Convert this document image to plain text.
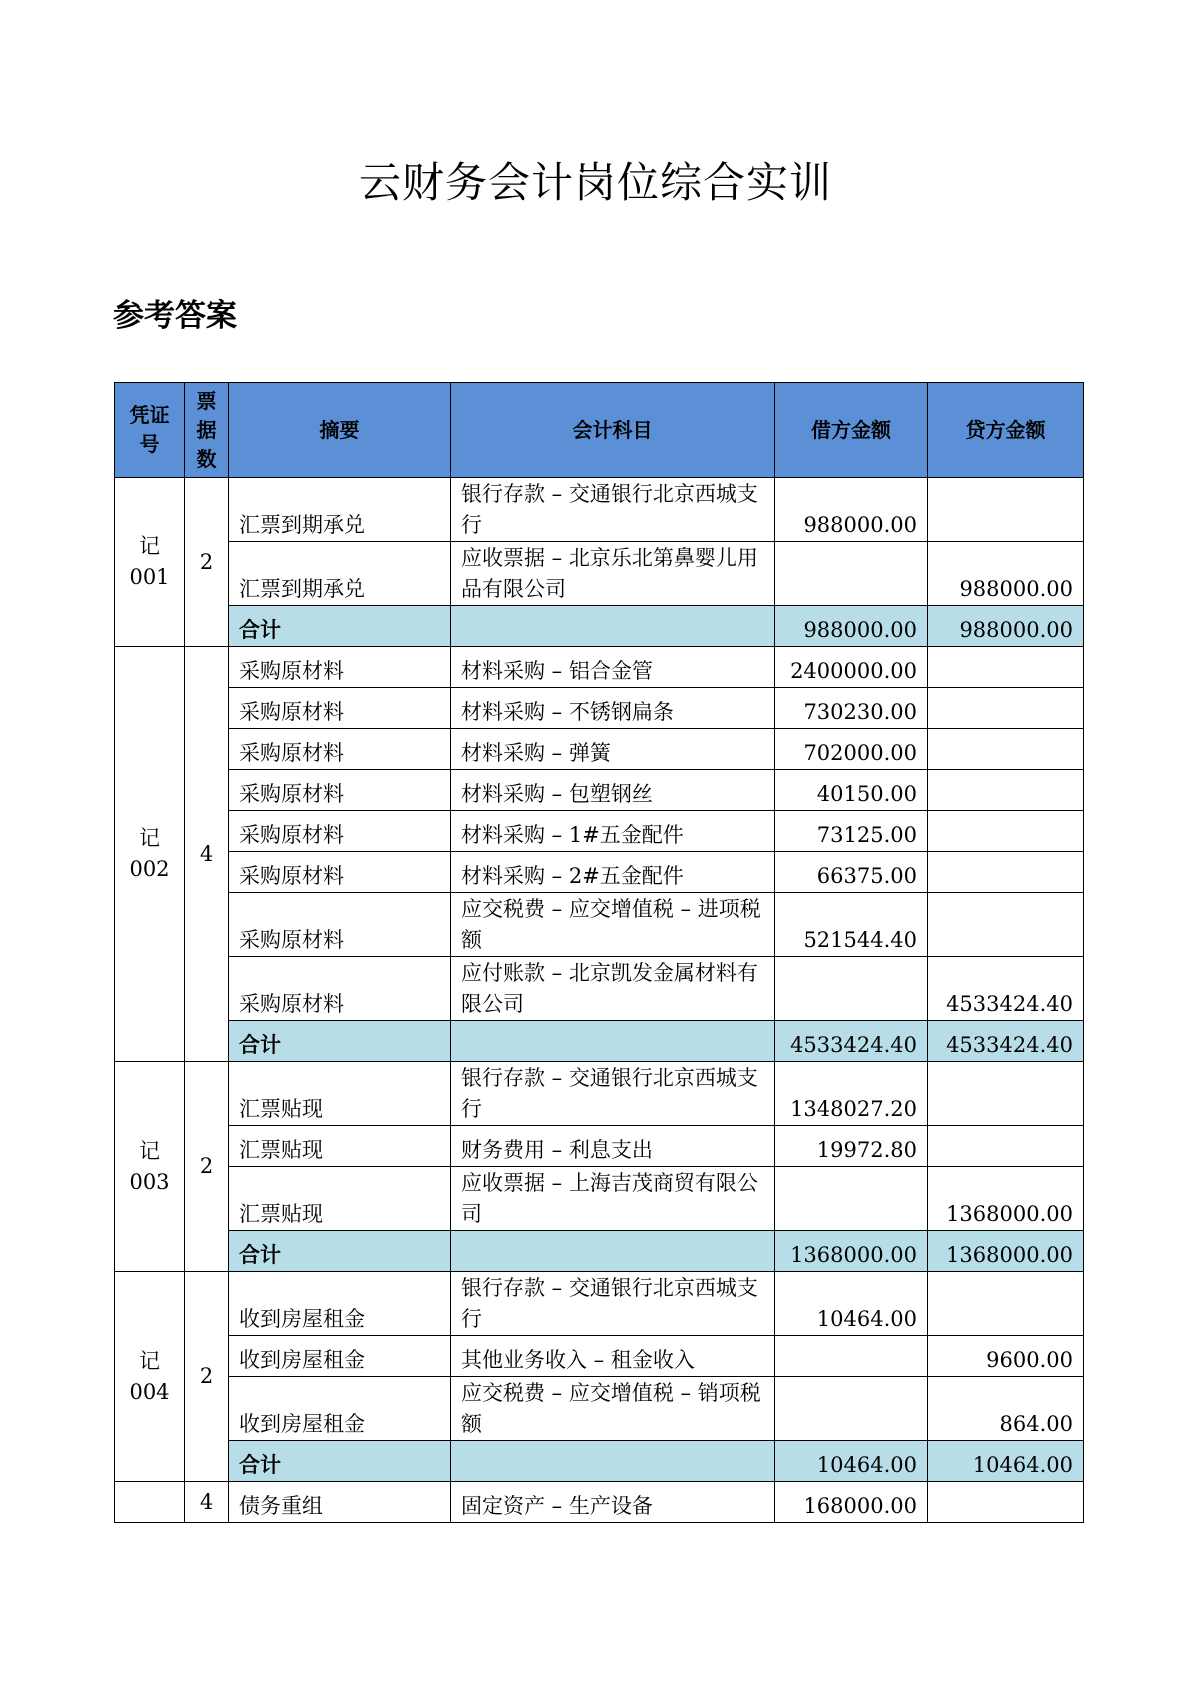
云财务会计岗位综合实训
参考答案
凭证
号	票
据
数	摘要	会计科目	借方金额	贷方金额

记
001	2	汇票到期承兑	银行存款 – 交通银行北京西城支行	988000.00	
		汇票到期承兑	应收票据 – 北京乐北第鼻婴儿用品有限公司		988000.00
		合计		988000.00	988000.00

记
002	4	采购原材料	材料采购 – 铝合金管	2400000.00	
		采购原材料	材料采购 – 不锈钢扁条	730230.00	
		采购原材料	材料采购 – 弹簧	702000.00	
		采购原材料	材料采购 – 包塑钢丝	40150.00	
		采购原材料	材料采购 – 1#五金配件	73125.00	
		采购原材料	材料采购 – 2#五金配件	66375.00	
		采购原材料	应交税费 – 应交增值税 – 进项税额	521544.40	
		采购原材料	应付账款 – 北京凯发金属材料有限公司		4533424.40
		合计		4533424.40	4533424.40

记
003	2	汇票贴现	银行存款 – 交通银行北京西城支行	1348027.20	
		汇票贴现	财务费用 – 利息支出	19972.80	
		汇票贴现	应收票据 – 上海吉茂商贸有限公司		1368000.00
		合计		1368000.00	1368000.00

记
004	2	收到房屋租金	银行存款 – 交通银行北京西城支行	10464.00	
		收到房屋租金	其他业务收入 – 租金收入		9600.00
		收到房屋租金	应交税费 – 应交增值税 – 销项税额		864.00
		合计		10464.00	10464.00

	4	债务重组	固定资产 – 生产设备	168000.00	
